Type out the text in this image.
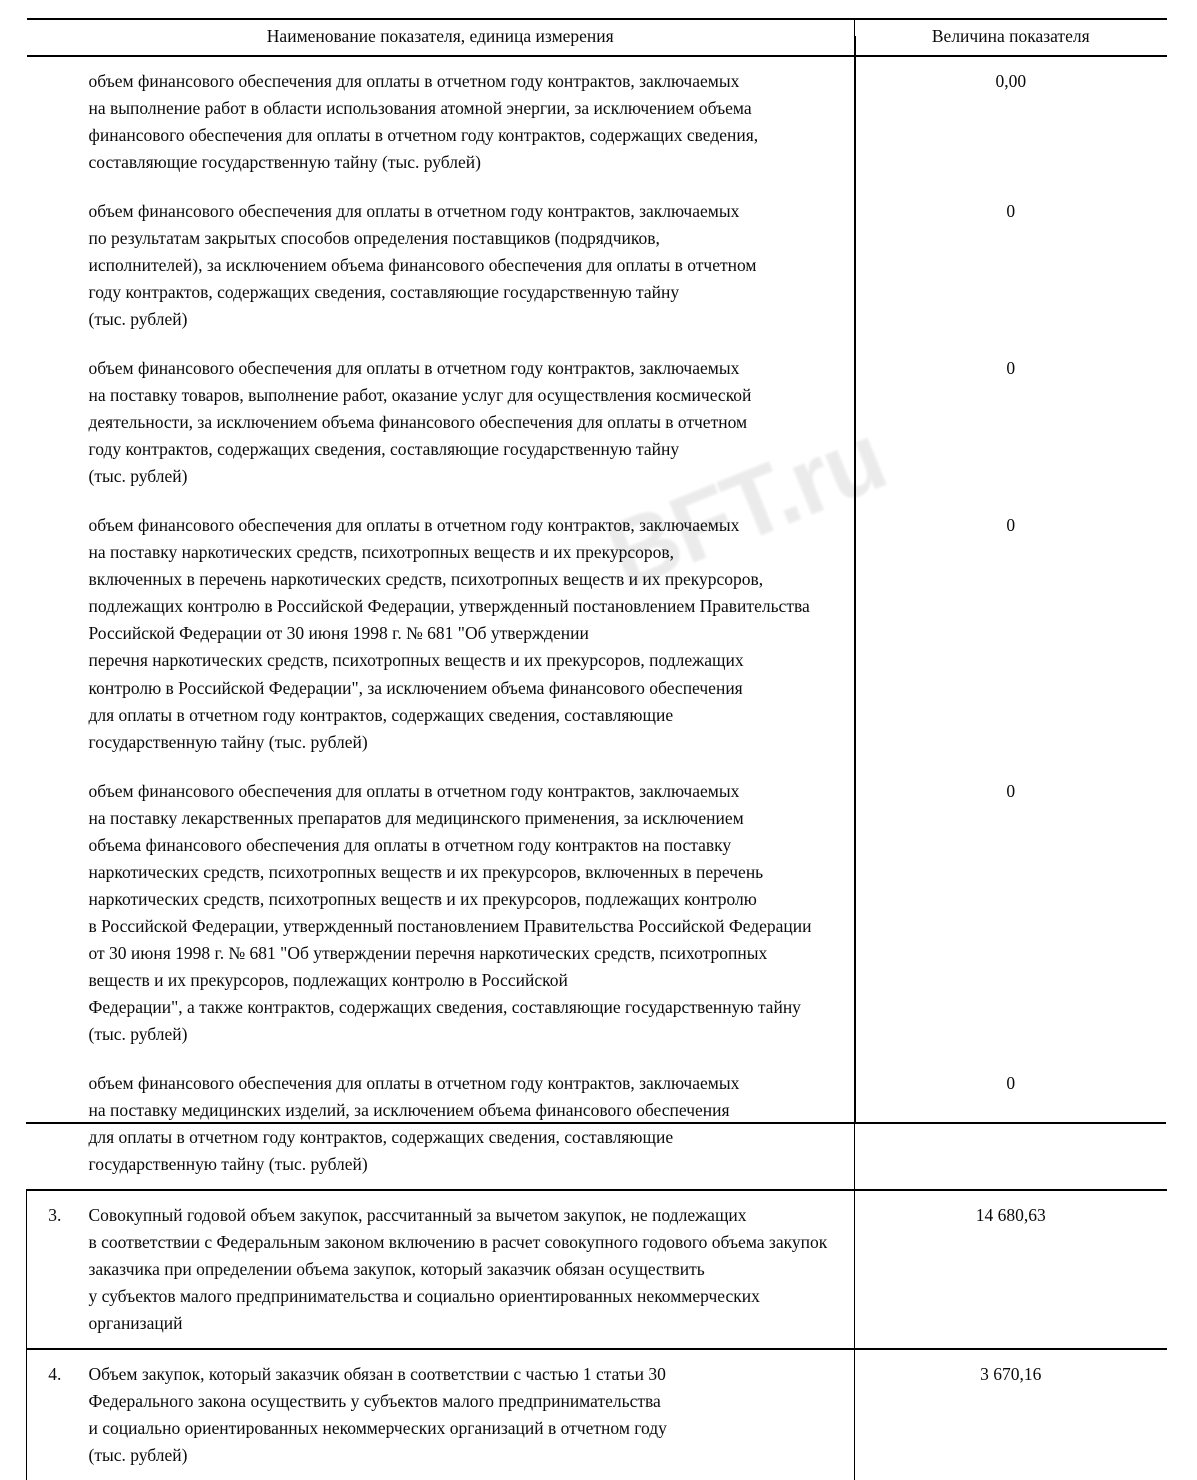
BFT.ru
Наименование показателя, единица измерения		Величина показателя

	объем финансового обеспечения для оплаты в отчетном году контрактов, заключаемых
на выполнение работ в области использования атомной энергии, за исключением объема
финансового обеспечения для оплаты в отчетном году контрактов, содержащих сведения,
составляющие государственную тайну (тыс. рублей)	0,00

	объем финансового обеспечения для оплаты в отчетном году контрактов, заключаемых
по результатам закрытых способов определения поставщиков (подрядчиков,
исполнителей), за исключением объема финансового обеспечения для оплаты в отчетном
году контрактов, содержащих сведения, составляющие государственную тайну
(тыс. рублей)	0

	объем финансового обеспечения для оплаты в отчетном году контрактов, заключаемых
на поставку товаров, выполнение работ, оказание услуг для осуществления космической
деятельности, за исключением объема финансового обеспечения для оплаты в отчетном
году контрактов, содержащих сведения, составляющие государственную тайну
(тыс. рублей)	0

объем финансового обеспечения для оплаты в отчетном году контрактов, заключаемых
на поставку наркотических средств, психотропных веществ и их прекурсоров,
включенных в перечень наркотических средств, психотропных веществ и их прекурсоров,
подлежащих контролю в Российской Федерации, утвержденный постановлением Правительства
Российской Федерации от 30 июня 1998 г. № 681 "Об утверждении
перечня наркотических средств, психотропных веществ и их прекурсоров, подлежащих
контролю в Российской Федерации", за исключением объема финансового обеспечения
для оплаты в отчетном году контрактов, содержащих сведения, составляющие
государственную тайну (тыс. рублей)
	0

объем финансового обеспечения для оплаты в отчетном году контрактов, заключаемых
на поставку лекарственных препаратов для медицинского применения, за исключением
объема финансового обеспечения для оплаты в отчетном году контрактов на поставку
наркотических средств, психотропных веществ и их прекурсоров, включенных в перечень
наркотических средств, психотропных веществ и их прекурсоров, подлежащих контролю
в Российской Федерации, утвержденный постановлением Правительства Российской Федерации
от 30 июня 1998 г. № 681 "Об утверждении перечня наркотических средств, психотропных
веществ и их прекурсоров, подлежащих контролю в Российской
Федерации", а также контрактов, содержащих сведения, составляющие государственную тайну
(тыс. рублей)
	0

	объем финансового обеспечения для оплаты в отчетном году контрактов, заключаемых
на поставку медицинских изделий, за исключением объема финансового обеспечения
для оплаты в отчетном году контрактов, содержащих сведения, составляющие
государственную тайну (тыс. рублей)	0
3.	Совокупный годовой объем закупок, рассчитанный за вычетом закупок, не подлежащих
в соответствии с Федеральным законом включению в расчет совокупного годового объема закупок
заказчика при определении объема закупок, который заказчик обязан осуществить
у субъектов малого предпринимательства и социально ориентированных некоммерческих
организаций	14 680,63
4.	Объем закупок, который заказчик обязан в соответствии с частью 1 статьи 30
Федерального закона осуществить у субъектов малого предпринимательства
и социально ориентированных некоммерческих организаций в отчетном году
(тыс. рублей)	3 670,16
